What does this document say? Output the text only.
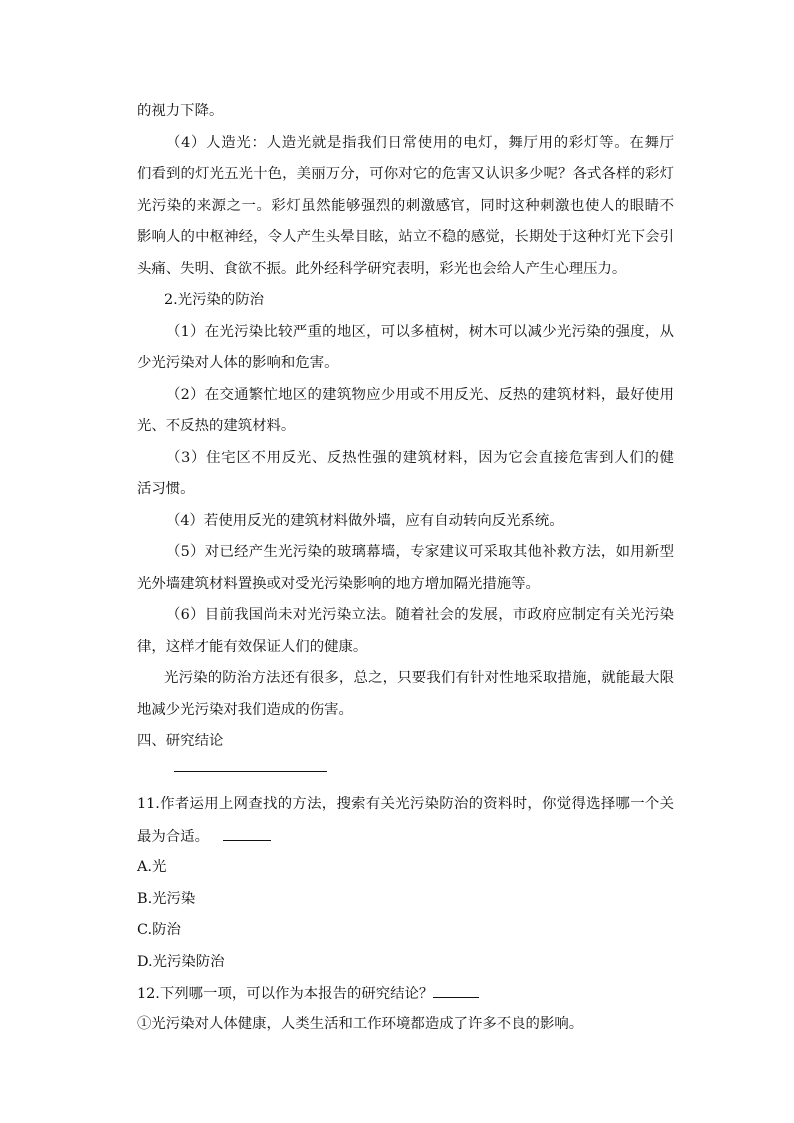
的视力下降。
（4）人造光：人造光就是指我们日常使用的电灯，舞厅用的彩灯等。在舞厅
们看到的灯光五光十色，美丽万分，可你对它的危害又认识多少呢？各式各样的彩灯
光污染的来源之一。彩灯虽然能够强烈的刺激感官，同时这种刺激也使人的眼睛不
影响人的中枢神经，令人产生头晕目眩，站立不稳的感觉，长期处于这种灯光下会引
头痛、失明、食欲不振。此外经科学研究表明，彩光也会给人产生心理压力。
2.光污染的防治
（1）在光污染比较严重的地区，可以多植树，树木可以减少光污染的强度，从
少光污染对人体的影响和危害。
（2）在交通繁忙地区的建筑物应少用或不用反光、反热的建筑材料，最好使用
光、不反热的建筑材料。
（3）住宅区不用反光、反热性强的建筑材料，因为它会直接危害到人们的健
活习惯。
（4）若使用反光的建筑材料做外墙，应有自动转向反光系统。
（5）对已经产生光污染的玻璃幕墙，专家建议可采取其他补救方法，如用新型
光外墙建筑材料置换或对受光污染影响的地方增加隔光措施等。
（6）目前我国尚未对光污染立法。随着社会的发展，市政府应制定有关光污染
律，这样才能有效保证人们的健康。
光污染的防治方法还有很多，总之，只要我们有针对性地采取措施，就能最大限
地减少光污染对我们造成的伤害。
四、研究结论
11.作者运用上网查找的方法，搜索有关光污染防治的资料时，你觉得选择哪一个关
最为合适。
A.光
B.光污染
C.防治
D.光污染防治
12.下列哪一项，可以作为本报告的研究结论？
①光污染对人体健康，人类生活和工作环境都造成了许多不良的影响。
